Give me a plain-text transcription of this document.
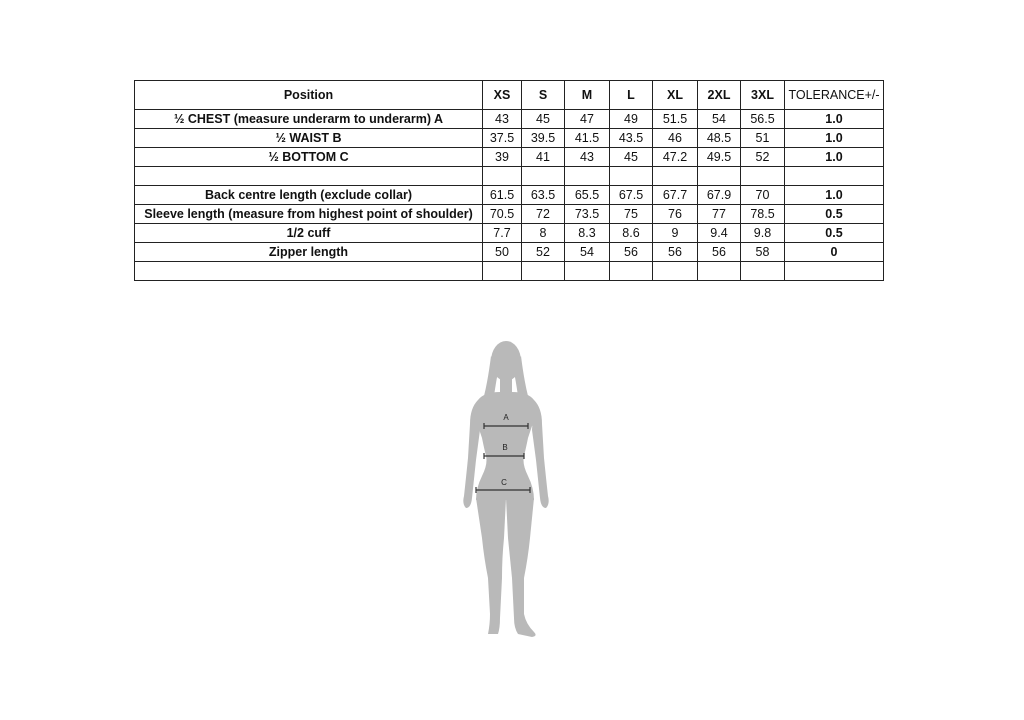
Position	XS	S	M	L	XL	2XL	3XL	TOLERANCE+/-
½ CHEST (measure underarm to underarm) A	43	45	47	49	51.5	54	56.5	1.0
½ WAIST B	37.5	39.5	41.5	43.5	46	48.5	51	1.0
½ BOTTOM C	39	41	43	45	47.2	49.5	52	1.0

Back centre length (exclude collar)	61.5	63.5	65.5	67.5	67.7	67.9	70	1.0
Sleeve length (measure from highest point of shoulder)	70.5	72	73.5	75	76	77	78.5	0.5
1/2 cuff	7.7	8	8.3	8.6	9	9.4	9.8	0.5
Zipper length	50	52	54	56	56	56	58	0

A
B
C
